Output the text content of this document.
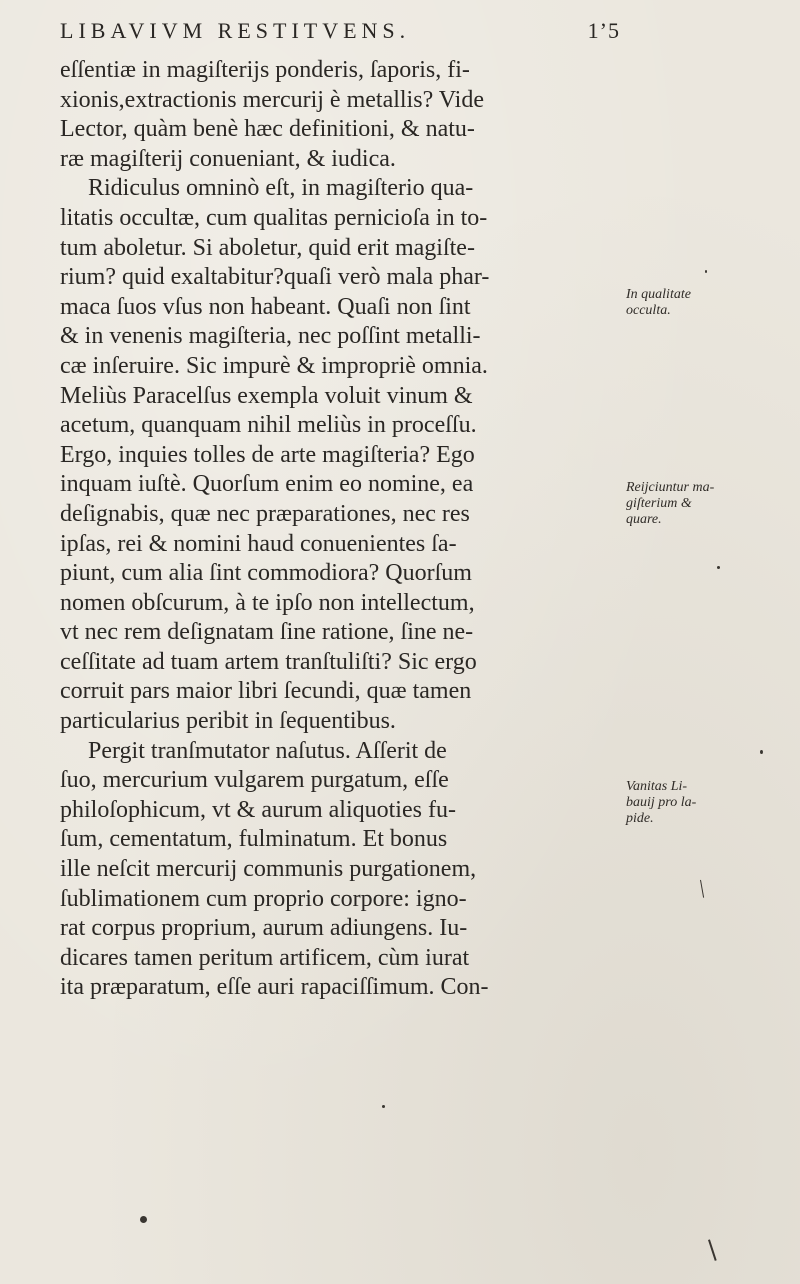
LIBAVIVM RESTITVENS.	1’5
eſſentiæ in magiſterijs ponderis, ſaporis, fi-
xionis,extractionis mercurij è metallis? Vide
Lector, quàm benè hæc definitioni, & natu-
ræ magiſterij conueniant, & iudica.
Ridiculus omninò eſt, in magiſterio qua-
litatis occultæ, cum qualitas pernicioſa in to-
tum aboletur. Si aboletur, quid erit magiſte-
rium? quid exaltabitur?quaſi verò mala phar-
maca ſuos vſus non habeant. Quaſi non ſint
& in venenis magiſteria, nec poſſint metalli-
cæ inſeruire. Sic impurè & impropriè omnia.
Meliùs Paracelſus exempla voluit vinum &
acetum, quanquam nihil meliùs in proceſſu.
Ergo, inquies tolles de arte magiſteria? Ego
inquam iuſtè. Quorſum enim eo nomine, ea
deſignabis, quæ nec præparationes, nec res
ipſas, rei & nomini haud conuenientes ſa-
piunt, cum alia ſint commodiora? Quorſum
nomen obſcurum, à te ipſo non intellectum,
vt nec rem deſignatam ſine ratione, ſine ne-
ceſſitate ad tuam artem tranſtuliſti? Sic ergo
corruit pars maior libri ſecundi, quæ tamen
particularius peribit in ſequentibus.
Pergit tranſmutator naſutus. Aſſerit de
ſuo, mercurium vulgarem purgatum, eſſe
philoſophicum, vt & aurum aliquoties fu-
ſum, cementatum, fulminatum. Et bonus
ille neſcit mercurij communis purgationem,
ſublimationem cum proprio corpore: igno-
rat corpus proprium, aurum adiungens. Iu-
dicares tamen peritum artificem, cùm iurat
ita præparatum, eſſe auri rapaciſſimum. Con-
In qualitate
occulta.
Reijciuntur ma-
giſterium &
quare.
Vanitas Li-
bauij pro la-
pide.
